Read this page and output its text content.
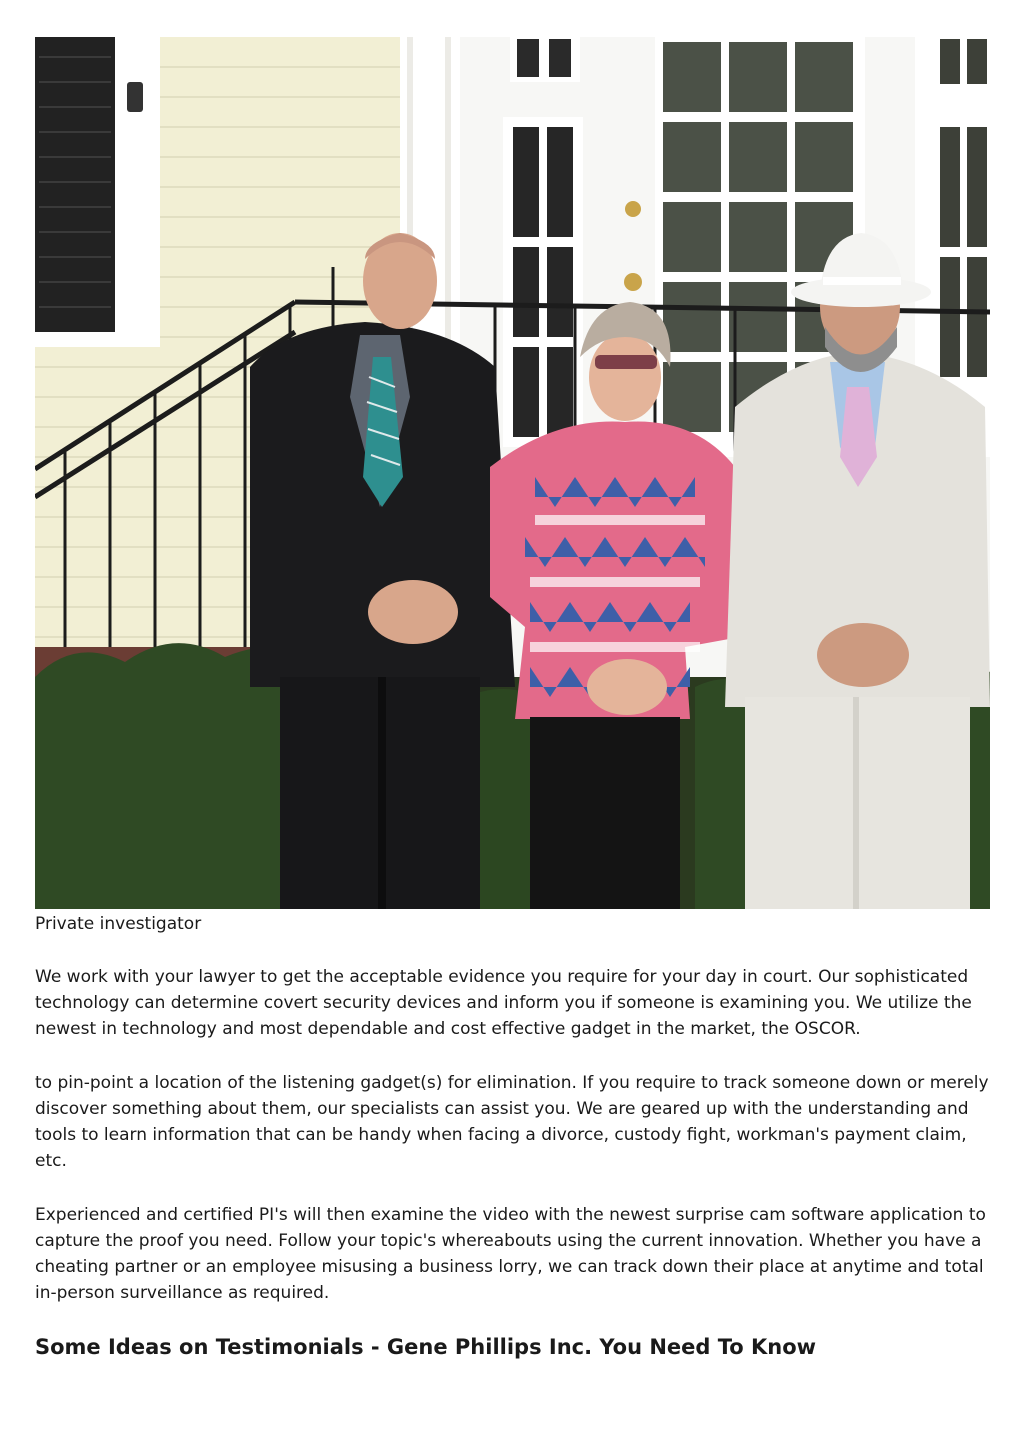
Private investigator

We work with your lawyer to get the acceptable evidence you require for your day in court. Our sophisticated technology can determine covert security devices and inform you if someone is examining you. We utilize the newest in technology and most dependable and cost effective gadget in the market, the OSCOR.

to pin-point a location of the listening gadget(s) for elimination. If you require to track someone down or merely discover something about them, our specialists can assist you. We are geared up with the understanding and tools to learn information that can be handy when facing a divorce, custody fight, workman's payment claim, etc.

Experienced and certified PI's will then examine the video with the newest surprise cam software application to capture the proof you need. Follow your topic's whereabouts using the current innovation. Whether you have a cheating partner or an employee misusing a business lorry, we can track down their place at anytime and total in-person surveillance as required.

Some Ideas on Testimonials - Gene Phillips Inc. You Need To Know
